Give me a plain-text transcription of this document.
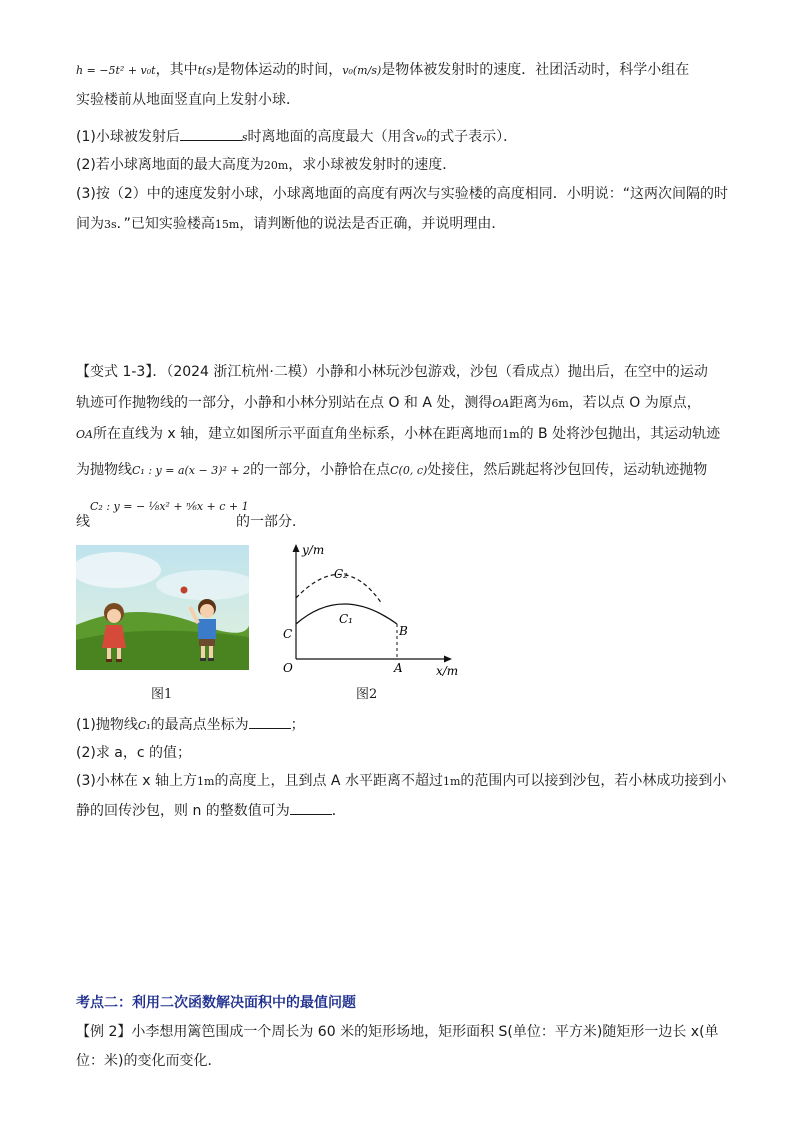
h = −5t² + v₀t，其中t(s)是物体运动的时间，v₀(m/s)是物体被发射时的速度．社团活动时，科学小组在
实验楼前从地面竖直向上发射小球．
(1)小球被发射后	s时离地面的高度最大（用含v₀的式子表示）．
(2)若小球离地面的最大高度为20m，求小球被发射时的速度．
(3)按（2）中的速度发射小球，小球离地面的高度有两次与实验楼的高度相同．小明说：“这两次间隔的时
间为3s．”已知实验楼高15m，请判断他的说法是否正确，并说明理由．
【变式 1-3】．（2024 浙江杭州·二模）小静和小林玩沙包游戏，沙包（看成点）抛出后，在空中的运动
轨迹可作抛物线的一部分，小静和小林分别站在点 O 和 A 处，测得OA距离为6m，若以点 O 为原点，
OA所在直线为 x 轴，建立如图所示平面直角坐标系，小林在距离地而1m的 B 处将沙包抛出，其运动轨迹
为抛物线C₁ : y = a(x − 3)² + 2的一部分，小静恰在点C(0, c)处接住，然后跳起将沙包回传，运动轨迹抛物
C₂ : y = − ⅛x² + ⁿ⁄₆x + c + 1
线	的一部分．
图1
y/m
x/m
C₂
C₁
C	B
O	A
图2
(1)抛物线C₁的最高点坐标为	；
(2)求 a，c 的值；
(3)小林在 x 轴上方1m的高度上，且到点 A 水平距离不超过1m的范围内可以接到沙包，若小林成功接到小
静的回传沙包，则 n 的整数值可为	．
考点二：利用二次函数解决面积中的最值问题
【例 2】小李想用篱笆围成一个周长为 60 米的矩形场地，矩形面积 S(单位：平方米)随矩形一边长 x(单
位：米)的变化而变化．
